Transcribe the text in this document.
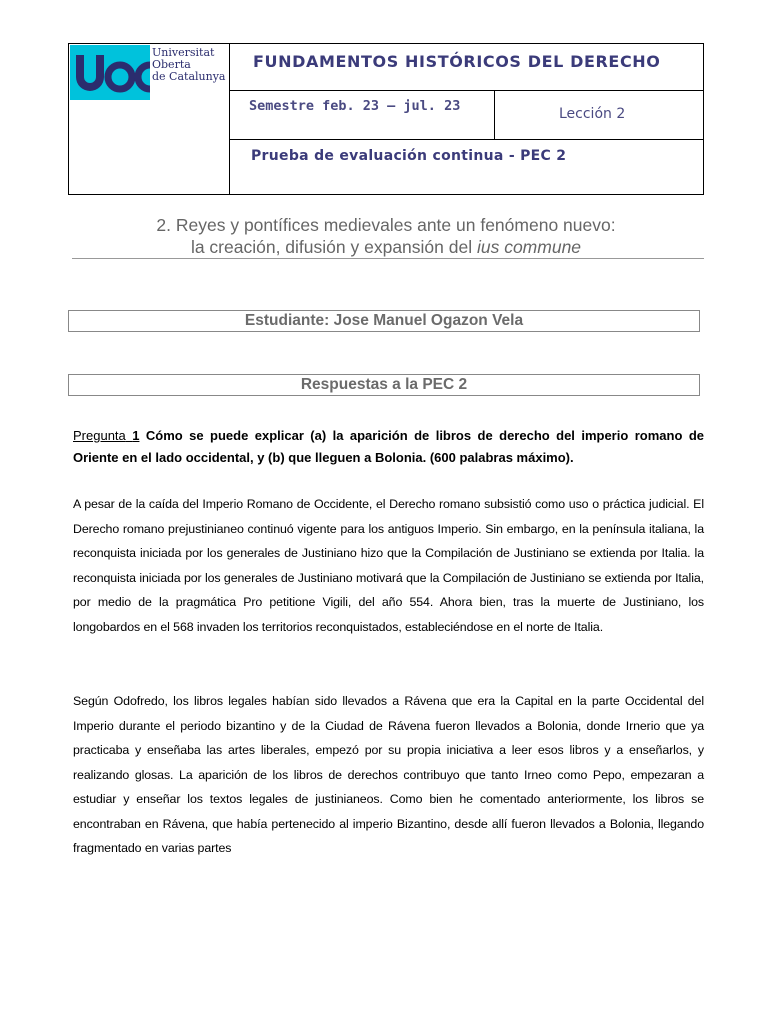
Universitat
Oberta
de Catalunya
FUNDAMENTOS HISTÓRICOS DEL DERECHO
Semestre feb. 23 – jul. 23	Lección 2
Prueba de evaluación continua - PEC 2
2. Reyes y pontífices medievales ante un fenómeno nuevo:
la creación, difusión y expansión del ius commune
Estudiante: Jose Manuel Ogazon Vela
Respuestas a la PEC 2
Pregunta 1 Cómo se puede explicar (a) la aparición de libros de derecho del imperio romano de Oriente en el lado occidental, y (b) que lleguen a Bolonia. (600 palabras máximo).
A pesar de la caída del Imperio Romano de Occidente, el Derecho romano subsistió como uso o práctica judicial. El Derecho romano prejustinianeo continuó vigente para los antiguos Imperio. Sin embargo, en la península italiana, la reconquista iniciada por los generales de Justiniano hizo que la Compilación de Justiniano se extienda por Italia. la reconquista iniciada por los generales de Justiniano motivará que la Compilación de Justiniano se extienda por Italia, por medio de la pragmática Pro petitione Vigili, del año 554. Ahora bien, tras la muerte de Justiniano, los longobardos en el 568 invaden los territorios reconquistados, estableciéndose en el norte de Italia.
Según Odofredo, los libros legales habían sido llevados a Rávena que era la Capital en la parte Occidental del Imperio durante el periodo bizantino y de la Ciudad de Rávena fueron llevados a Bolonia, donde Irnerio que ya practicaba y enseñaba las artes liberales, empezó por su propia iniciativa a leer esos libros y a enseñarlos, y realizando glosas. La aparición de los libros de derechos contribuyo que tanto Irneo como Pepo, empezaran a estudiar y enseñar los textos legales de justinianeos. Como bien he comentado anteriormente, los libros se encontraban en Rávena, que había pertenecido al imperio Bizantino, desde allí fueron llevados a Bolonia, llegando fragmentado en varias partes
